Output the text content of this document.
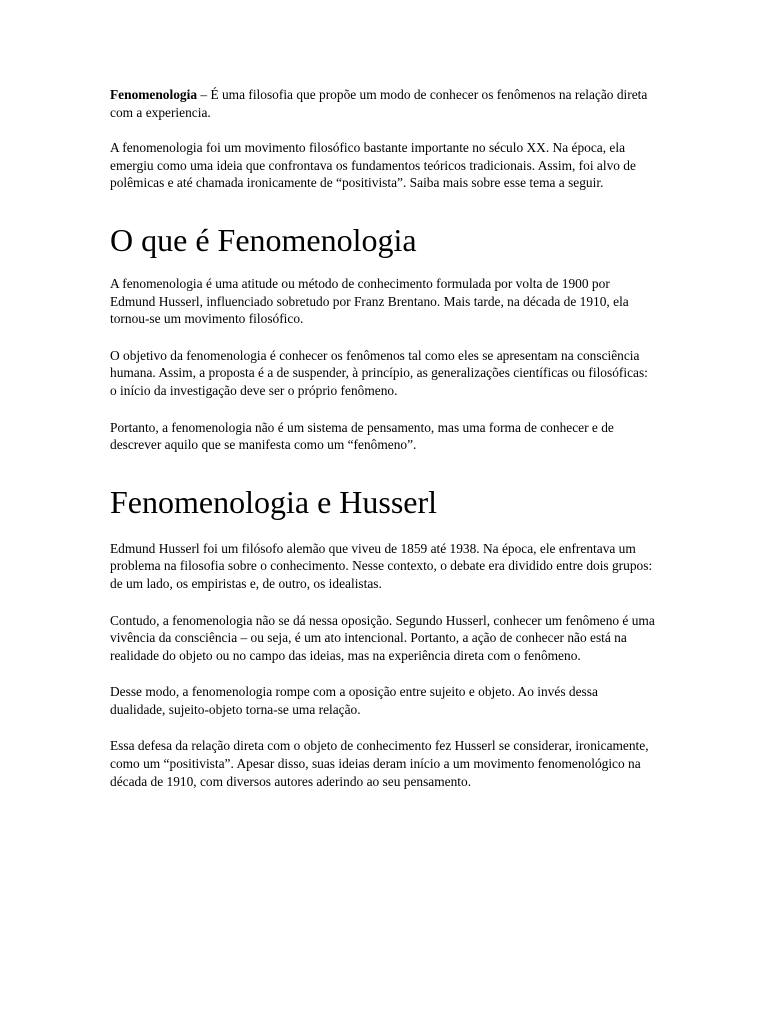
Fenomenologia – É uma filosofia que propõe um modo de conhecer os fenômenos na relação direta com a experiencia.

A fenomenologia foi um movimento filosófico bastante importante no século XX. Na época, ela emergiu como uma ideia que confrontava os fundamentos teóricos tradicionais. Assim, foi alvo de polêmicas e até chamada ironicamente de “positivista”. Saiba mais sobre esse tema a seguir.

O que é Fenomenologia

A fenomenologia é uma atitude ou método de conhecimento formulada por volta de 1900 por Edmund Husserl, influenciado sobretudo por Franz Brentano. Mais tarde, na década de 1910, ela tornou-se um movimento filosófico.

O objetivo da fenomenologia é conhecer os fenômenos tal como eles se apresentam na consciência humana. Assim, a proposta é a de suspender, à princípio, as generalizações científicas ou filosóficas: o início da investigação deve ser o próprio fenômeno.

Portanto, a fenomenologia não é um sistema de pensamento, mas uma forma de conhecer e de descrever aquilo que se manifesta como um “fenômeno”.

Fenomenologia e Husserl

Edmund Husserl foi um filósofo alemão que viveu de 1859 até 1938. Na época, ele enfrentava um problema na filosofia sobre o conhecimento. Nesse contexto, o debate era dividido entre dois grupos: de um lado, os empiristas e, de outro, os idealistas.

Contudo, a fenomenologia não se dá nessa oposição. Segundo Husserl, conhecer um fenômeno é uma vivência da consciência – ou seja, é um ato intencional. Portanto, a ação de conhecer não está na realidade do objeto ou no campo das ideias, mas na experiência direta com o fenômeno.

Desse modo, a fenomenologia rompe com a oposição entre sujeito e objeto. Ao invés dessa dualidade, sujeito-objeto torna-se uma relação.

Essa defesa da relação direta com o objeto de conhecimento fez Husserl se considerar, ironicamente, como um “positivista”. Apesar disso, suas ideias deram início a um movimento fenomenológico na década de 1910, com diversos autores aderindo ao seu pensamento.
